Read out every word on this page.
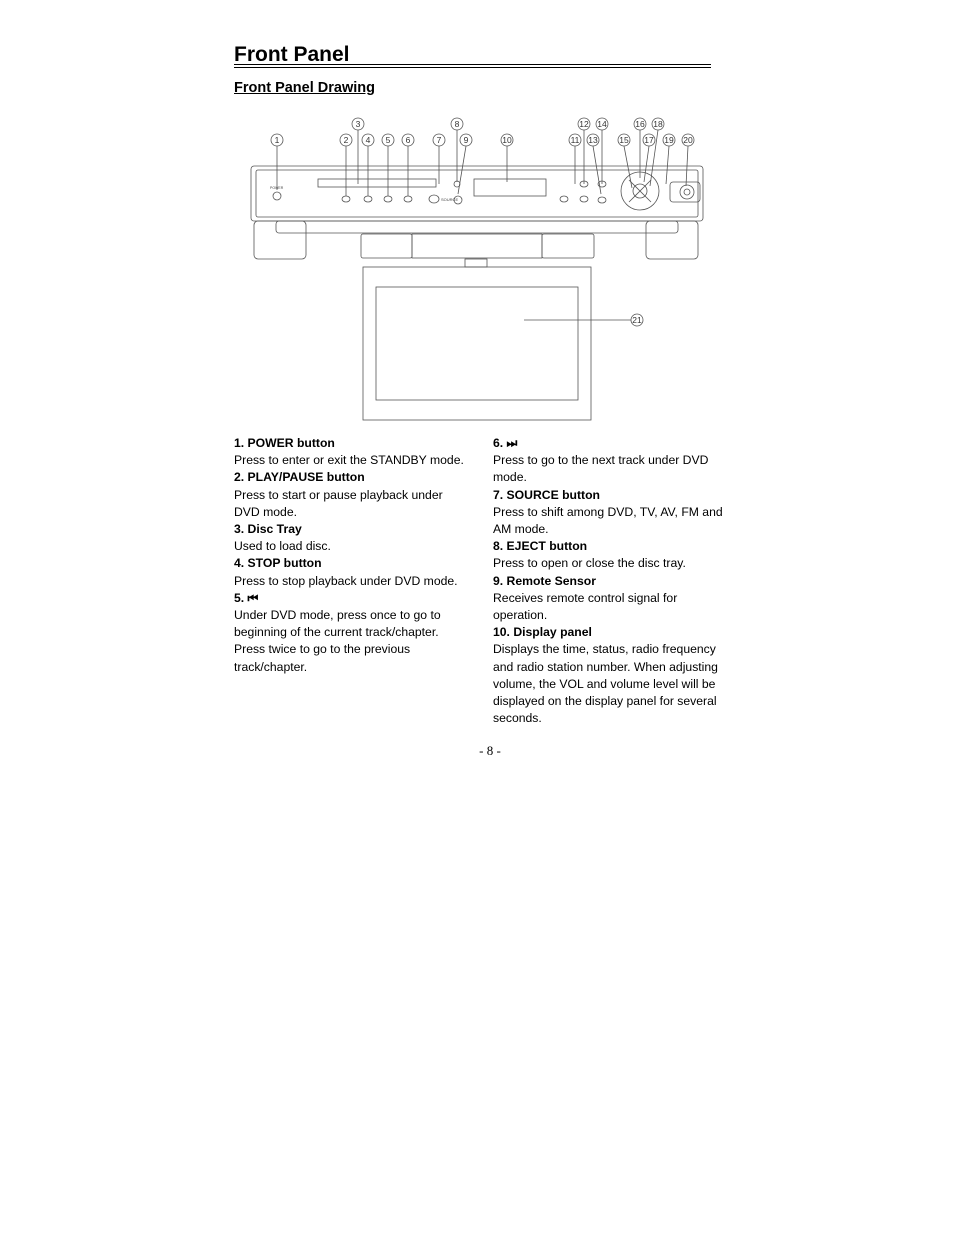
Front Panel
Front Panel Drawing
3	8	12 14	16 18
1	2 4 5 6	7	9	10	11 13	15 17 19 20
21
POWER
SOURCE

1. POWER button

Press to enter or exit the STANDBY mode.

2. PLAY/PAUSE button

Press to start or pause playback under DVD mode.

3. Disc Tray

Used to load disc.

4. STOP button

Press to stop playback under DVD mode.

5. ⏮

Under DVD mode, press once to go to beginning of the current track/chapter. Press twice to go to the previous track/chapter.

6. ⏭

Press to go to the next track under DVD mode.

7. SOURCE button

Press to shift among DVD, TV, AV, FM and AM mode.

8. EJECT button

Press to open or close the disc tray.

9. Remote Sensor

Receives remote control signal for operation.

10. Display panel

Displays the time, status, radio frequency and radio station number. When adjusting volume, the VOL and volume level will be displayed on the display panel for several seconds.

- 8 -
